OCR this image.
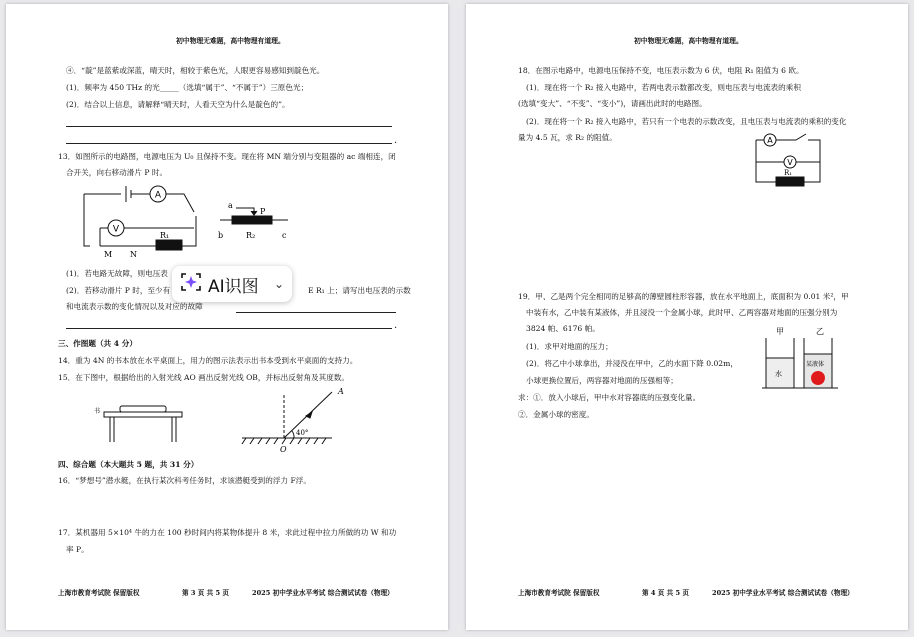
初中物理无难题，高中物理有道理。
④．“靛”是蓝紫或深蓝，晴天时，相较于紫色光，人眼更容易感知到靛色光。
(1)．频率为 450 THz 的光_____（选填“属于”、“不属于”）三原色光；
(2)．结合以上信息，请解释“晴天时，人看天空为什么是靛色的”。
.
13．如图所示的电路图，电源电压为 U₀ 且保持不变。现在将 MN 端分别与变阻器的 ac 端相连，闭
合开关，向右移动滑片 P 时。
A
V
R₁
M N
a
P
b	R₂	c
(1)．若电路无故障，则电压表
(2)．若移动滑片 P 时，至少有	E R₁ 上；请写出电压表的示数
和电流表示数的变化情况以及对应的故障
.
三、作图题（共 4 分）
14．重为 4N 的书本放在水平桌面上，用力的图示法表示出书本受到水平桌面的支持力。
15．在下图中，根据给出的入射光线 AO 画出反射光线 OB，并标出反射角及其度数。
书
A
O
40°
四、综合题（本大题共 5 题，共 31 分）
16．“梦想号”潜水艇，在执行某次科考任务时，求该潜艇受到的浮力 F浮。
17．某机器用 5×10⁴ 牛的力在 100 秒时间内将某物体提升 8 米，求此过程中拉力所做的功 W 和功
率 P。
上海市教育考试院 保留版权	第 3 页 共 5 页	2025 初中学业水平考试 综合测试试卷（物理）
初中物理无难题，高中物理有道理。
18．在图示电路中，电源电压保持不变，电压表示数为 6 伏，电阻 R₁ 阻值为 6 欧。
(1)．现在将一个 R₂ 接入电路中，若两电表示数都改变，则电压表与电流表的乘积
(选填“变大”、“不变”、“变小”)，请画出此时的电路图。
(2)．现在将一个 R₂ 接入电路中，若只有一个电表的示数改变，且电压表与电流表的乘积的变化
量为 4.5 瓦，求 R₂ 的阻值。	A
V
R₁
19．甲、乙是两个完全相同的足够高的薄壁圆柱形容器，放在水平地面上，底面积为 0.01 米²，甲
中装有水，乙中装有某液体，并且浸没一个金属小球，此时甲、乙两容器对地面的压强分别为
3824 帕、6176 帕。
(1)．求甲对地面的压力；
(2)．将乙中小球拿出，并浸没在甲中，乙的水面下降 0.02m，
小球更换位置后，两容器对地面的压强相等；
求：①．放入小球后，甲中水对容器底的压强变化量。
②．金属小球的密度。
甲	乙
水
某液体
上海市教育考试院 保留版权	第 4 页 共 5 页	2025 初中学业水平考试 综合测试试卷（物理）
AI识图 ⌄
